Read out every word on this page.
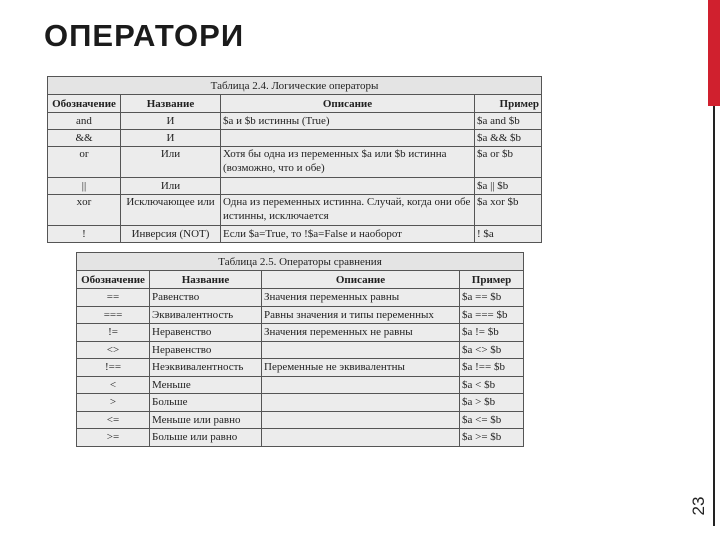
ОПЕРАТОРИ
23
Таблица 2.4. Логические операторы			
Обозначение	Название	Описание	Пример
and	И	$a и $b истинны (True)	$a and $b
&&	И		$a && $b
or	Или	Хотя бы одна из переменных $a или $b истинна (возможно, что и обе)	$a or $b
||	Или		$a || $b
xor	Исключающее или	Одна из переменных истинна. Случай, когда они обе истинны, исключается	$a xor $b
!	Инверсия (NOT)	Если $a=True, то !$a=False и наоборот	! $a
Таблица 2.5. Операторы сравнения			
Обозначение	Название	Описание	Пример
==	Равенство	Значения переменных равны	$a == $b
===	Эквивалентность	Равны значения и типы переменных	$a === $b
!=	Неравенство	Значения переменных не равны	$a != $b
<>	Неравенство		$a <> $b
!==	Неэквивалентность	Переменные не эквивалентны	$a !== $b
<	Меньше		$a < $b
>	Больше		$a > $b
<=	Меньше или равно		$a <= $b
>=	Больше или равно		$a >= $b
